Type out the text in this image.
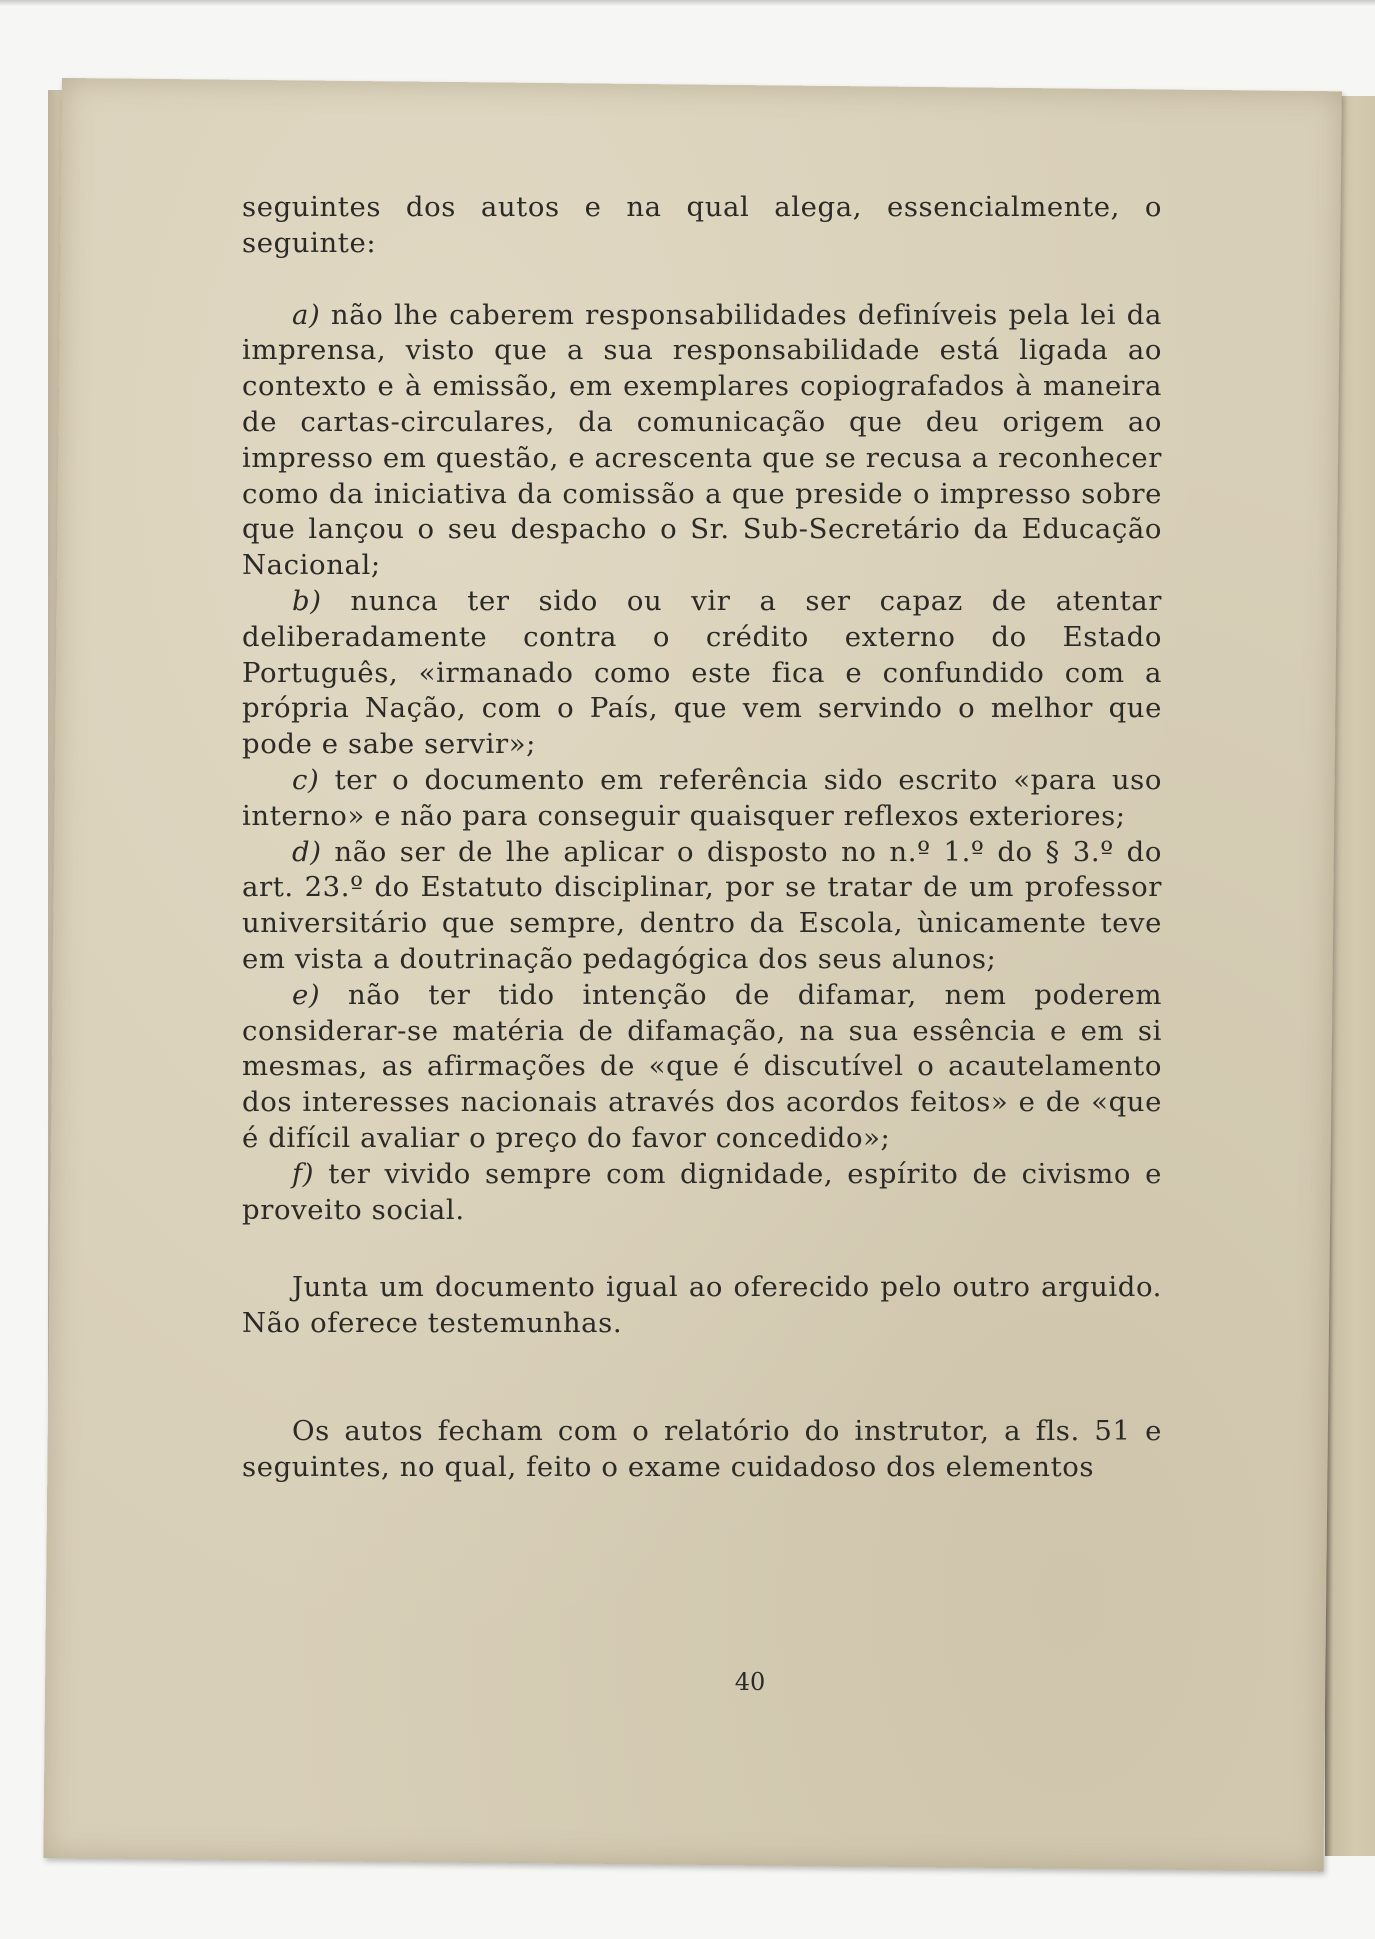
seguintes dos autos e na qual alega, essencialmente, o seguinte:

a) não lhe caberem responsabilidades definíveis pela lei da imprensa, visto que a sua responsabilidade está ligada ao contexto e à emissão, em exemplares copiografados à maneira de cartas-circulares, da comunicação que deu origem ao impresso em questão, e acrescenta que se recusa a reconhecer como da iniciativa da comissão a que preside o impresso sobre que lançou o seu despacho o Sr. Sub-Secretário da Educação Nacional;

b) nunca ter sido ou vir a ser capaz de atentar deliberadamente contra o crédito externo do Estado Português, «irmanado como este fica e confundido com a própria Nação, com o País, que vem servindo o melhor que pode e sabe servir»;

c) ter o documento em referência sido escrito «para uso interno» e não para conseguir quaisquer reflexos exteriores;

d) não ser de lhe aplicar o disposto no n.º 1.º do § 3.º do art. 23.º do Estatuto disciplinar, por se tratar de um professor universitário que sempre, dentro da Escola, ùnicamente teve em vista a doutrinação pedagógica dos seus alunos;

e) não ter tido intenção de difamar, nem poderem considerar-se matéria de difamação, na sua essência e em si mesmas, as afirmações de «que é discutível o acautelamento dos interesses nacionais através dos acordos feitos» e de «que é difícil avaliar o preço do favor concedido»;

f) ter vivido sempre com dignidade, espírito de civismo e proveito social.

Junta um documento igual ao oferecido pelo outro arguido. Não oferece testemunhas.

Os autos fecham com o relatório do instrutor, a fls. 51 e seguintes, no qual, feito o exame cuidadoso dos elementos

40
